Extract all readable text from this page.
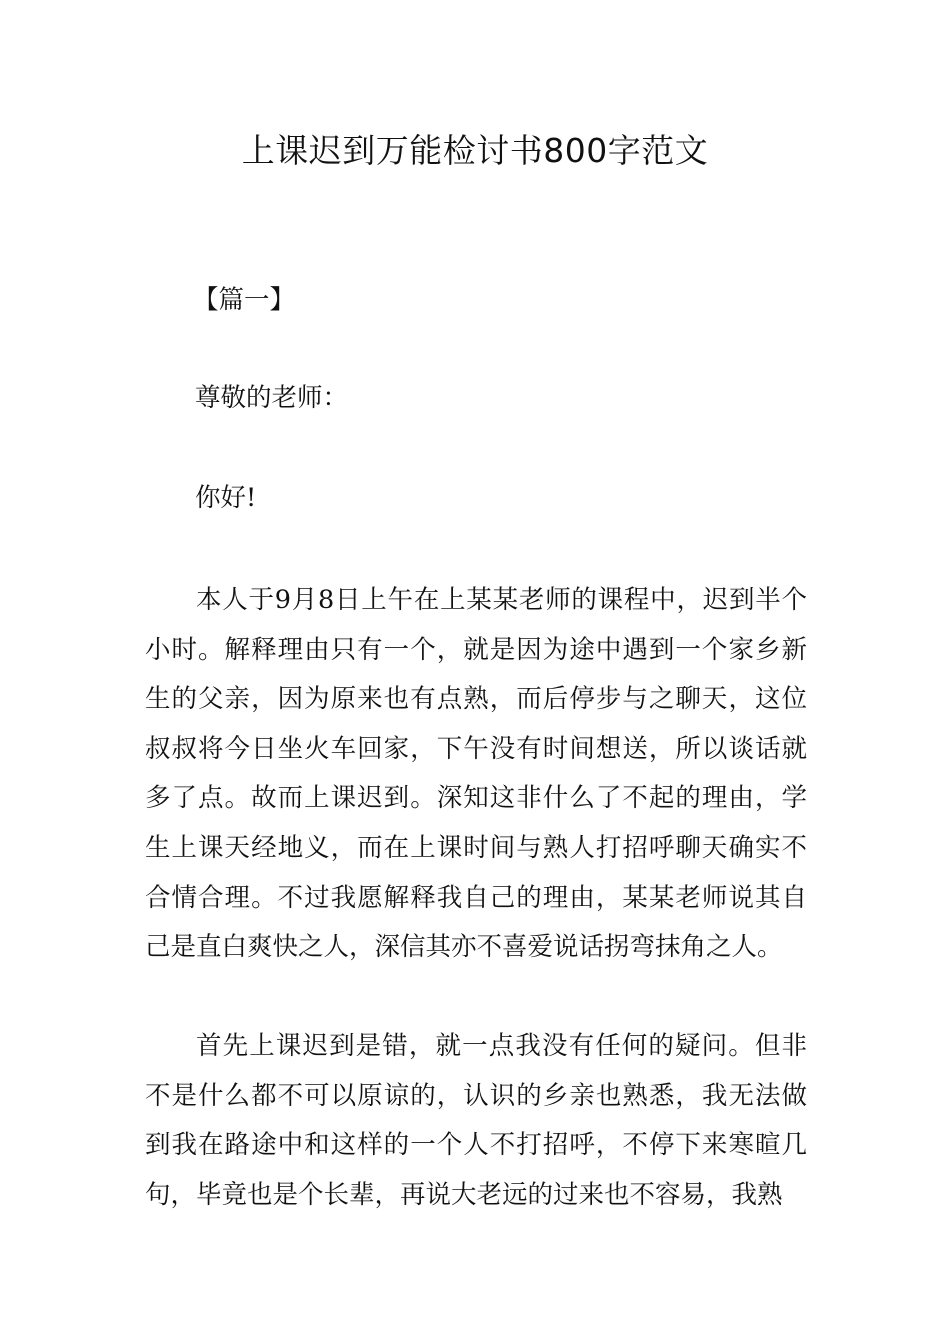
上课迟到万能检讨书800字范文

【篇一】

尊敬的老师：

你好!

本人于9月8日上午在上某某老师的课程中，迟到半个小时。解释理由只有一个，就是因为途中遇到一个家乡新生的父亲，因为原来也有点熟，而后停步与之聊天，这位叔叔将今日坐火车回家，下午没有时间想送，所以谈话就多了点。故而上课迟到。深知这非什么了不起的理由，学生上课天经地义，而在上课时间与熟人打招呼聊天确实不合情合理。不过我愿解释我自己的理由，某某老师说其自己是直白爽快之人，深信其亦不喜爱说话拐弯抹角之人。

首先上课迟到是错，就一点我没有任何的疑问。但非不是什么都不可以原谅的，认识的乡亲也熟悉，我无法做到我在路途中和这样的一个人不打招呼，不停下来寒暄几句，毕竟也是个长辈，再说大老远的过来也不容易，我熟
